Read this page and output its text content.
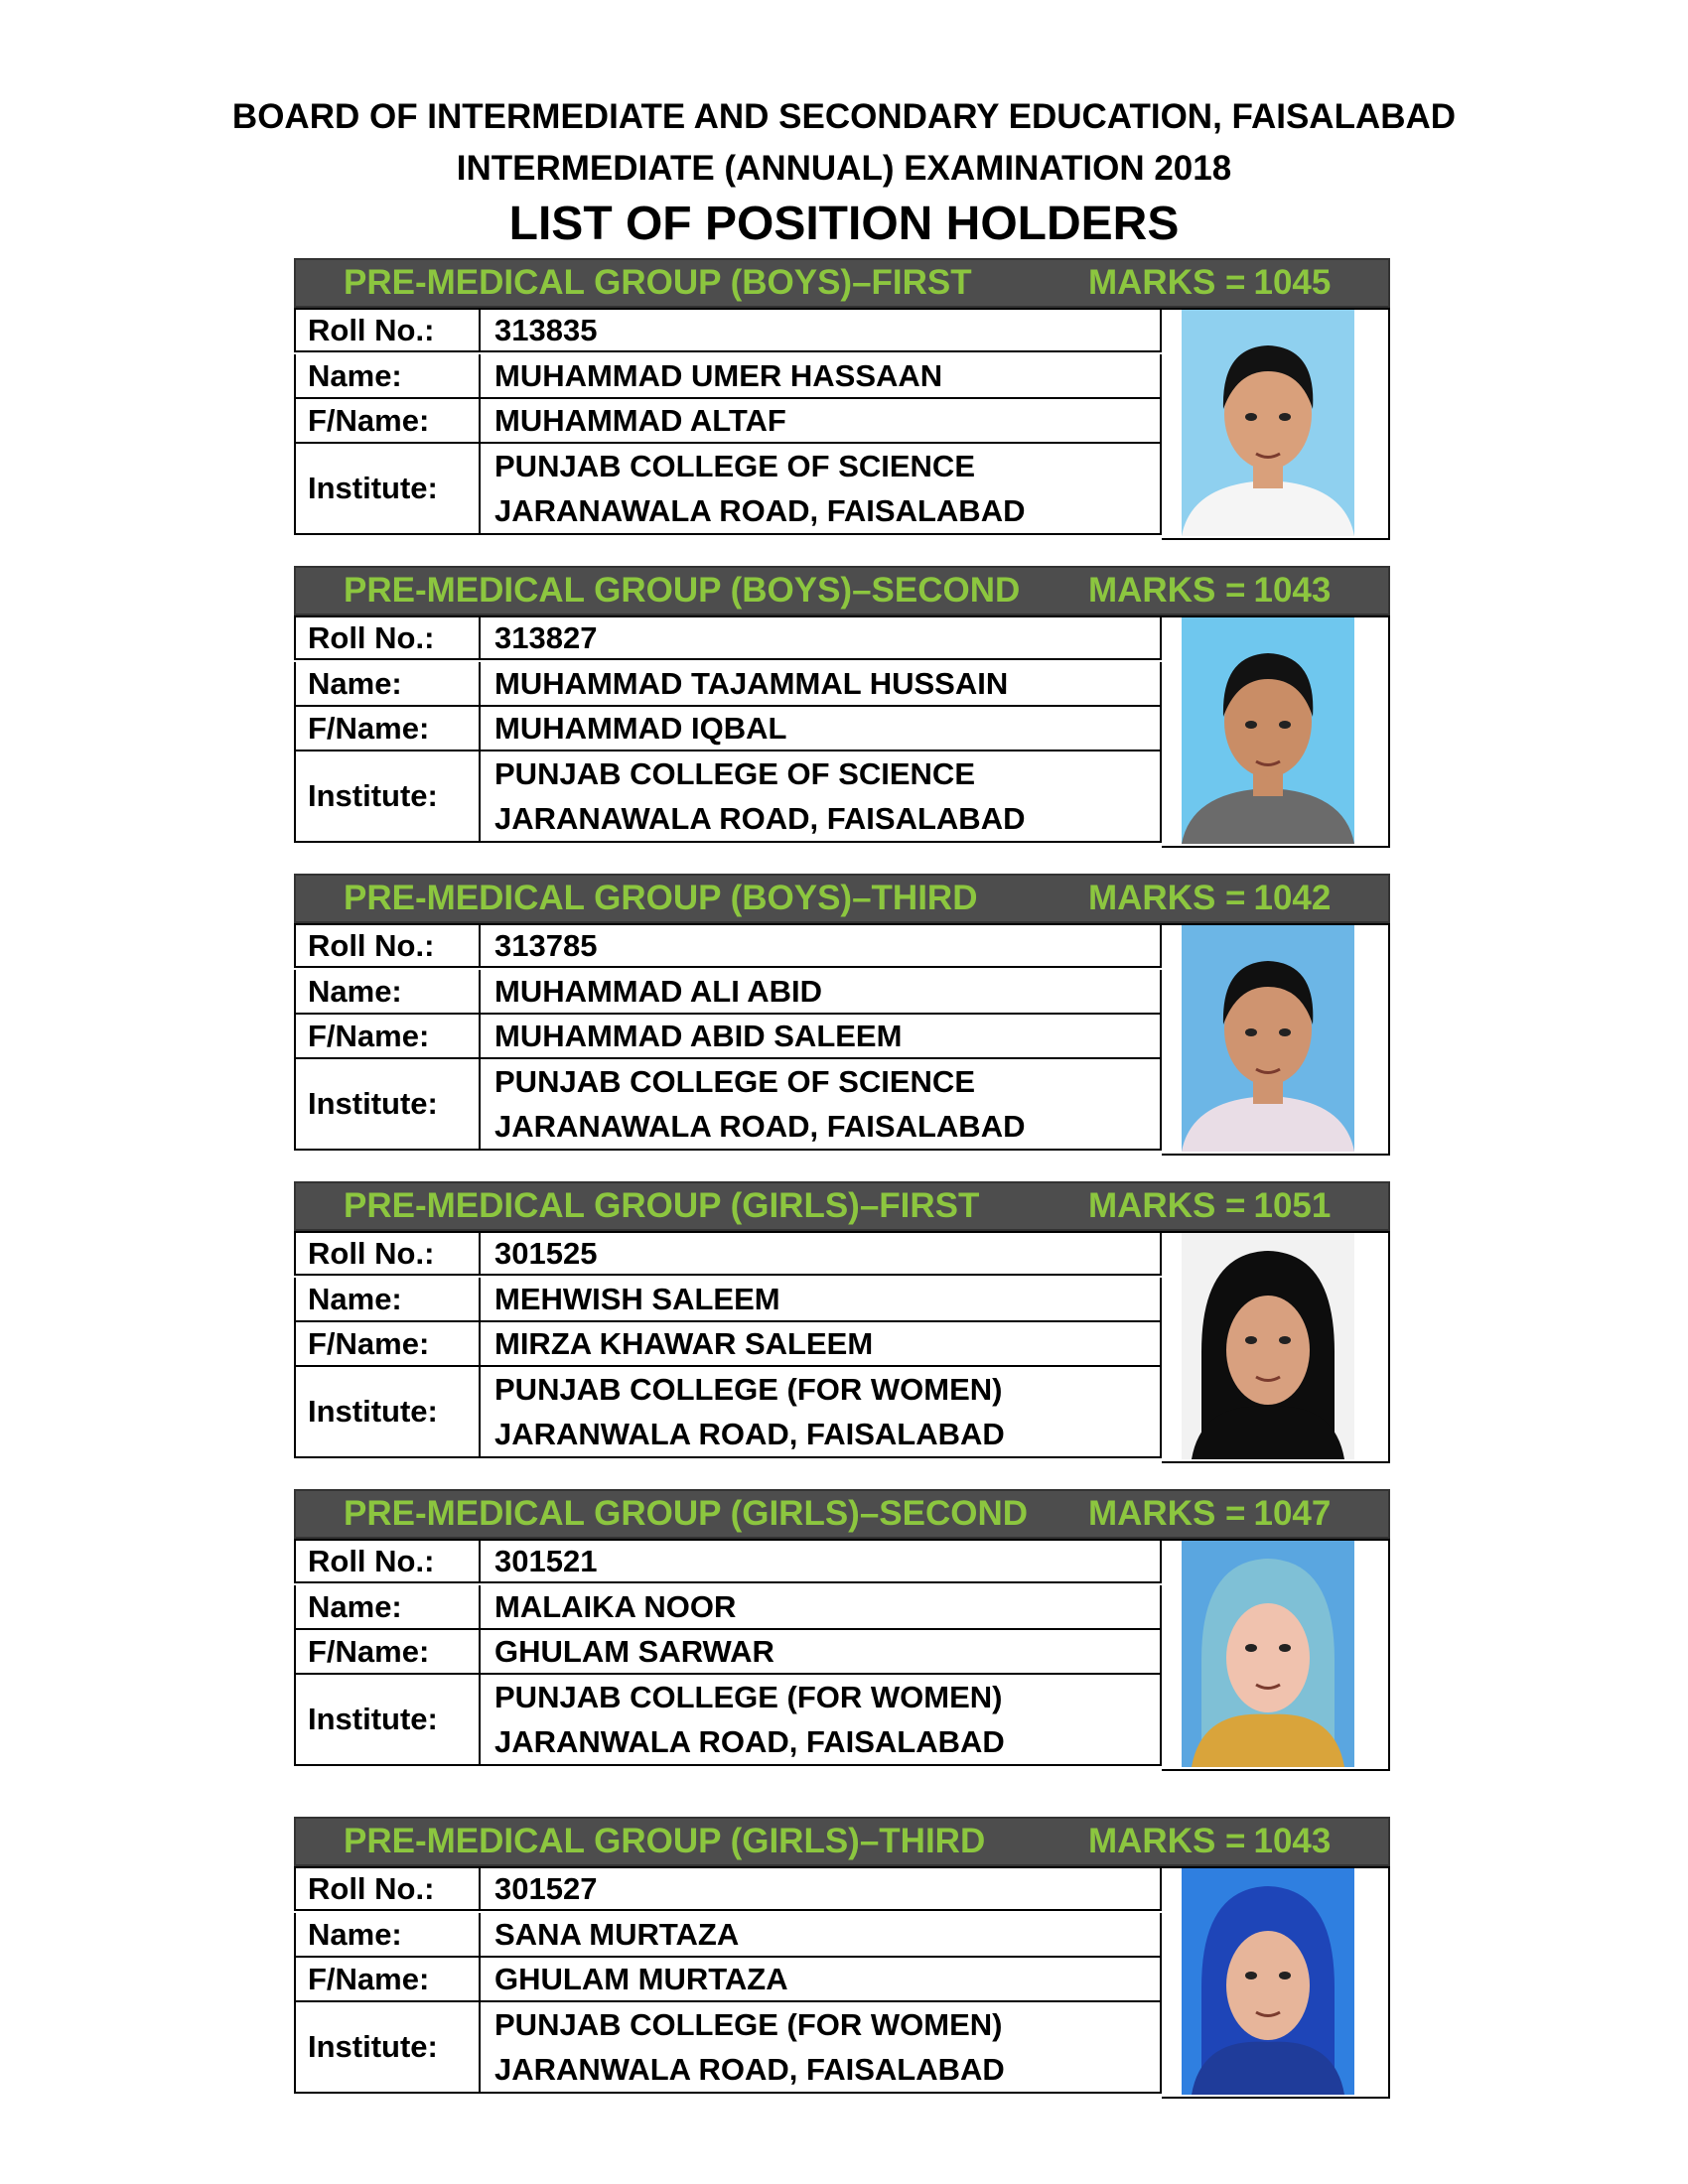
BOARD OF INTERMEDIATE AND SECONDARY EDUCATION, FAISALABAD
INTERMEDIATE (ANNUAL) EXAMINATION 2018
LIST OF POSITION HOLDERS
PRE-MEDICAL GROUP (BOYS)–FIRST	MARKS = 1045
Roll No.:	313835
Name:	MUHAMMAD UMER HASSAAN
F/Name:	MUHAMMAD ALTAF
Institute:
PUNJAB COLLEGE OF SCIENCE
JARANAWALA ROAD, FAISALABAD
PRE-MEDICAL GROUP (BOYS)–SECOND MARKS = 1043
Roll No.:	313827
Name:	MUHAMMAD TAJAMMAL HUSSAIN
F/Name:	MUHAMMAD IQBAL
Institute:
PUNJAB COLLEGE OF SCIENCE
JARANAWALA ROAD, FAISALABAD
PRE-MEDICAL GROUP (BOYS)–THIRD	MARKS = 1042
Roll No.:	313785
Name:	MUHAMMAD ALI ABID
F/Name:	MUHAMMAD ABID SALEEM
Institute:
PUNJAB COLLEGE OF SCIENCE
JARANAWALA ROAD, FAISALABAD
PRE-MEDICAL GROUP (GIRLS)–FIRST	MARKS = 1051
Roll No.:	301525
Name:	MEHWISH SALEEM
F/Name:	MIRZA KHAWAR SALEEM
Institute:
PUNJAB COLLEGE (FOR WOMEN)
JARANWALA ROAD, FAISALABAD
PRE-MEDICAL GROUP (GIRLS)–SECOND MARKS = 1047
Roll No.:	301521
Name:	MALAIKA NOOR
F/Name:	GHULAM SARWAR
Institute:
PUNJAB COLLEGE (FOR WOMEN)
JARANWALA ROAD, FAISALABAD
PRE-MEDICAL GROUP (GIRLS)–THIRD	MARKS = 1043
Roll No.:	301527
Name:	SANA MURTAZA
F/Name:	GHULAM MURTAZA
Institute:
PUNJAB COLLEGE (FOR WOMEN)
JARANWALA ROAD, FAISALABAD
